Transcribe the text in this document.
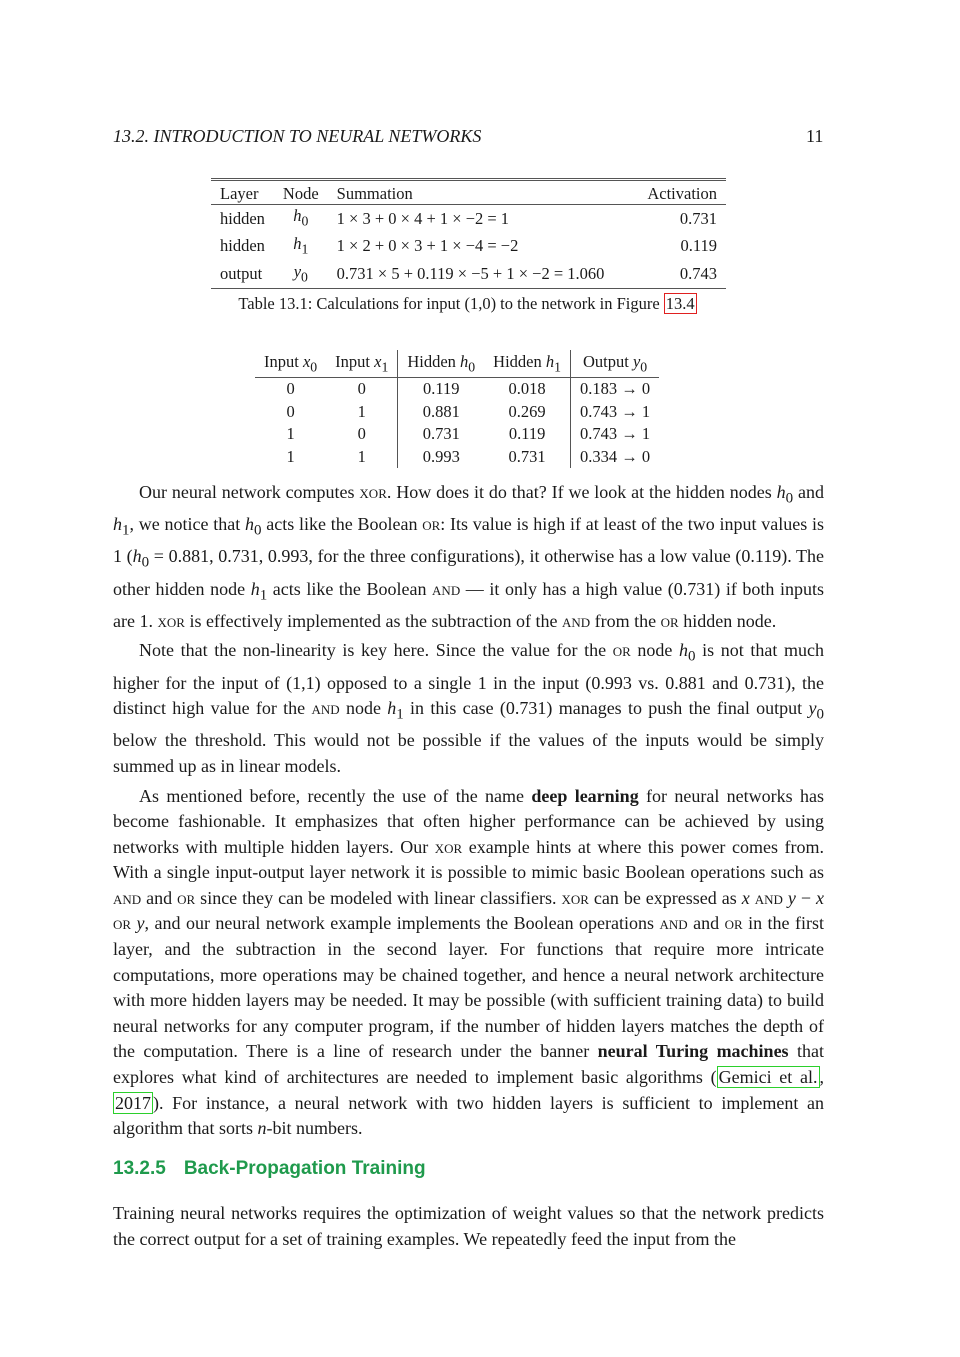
13.2. INTRODUCTION TO NEURAL NETWORKS	11
Layer	Node	Summation	Activation
hidden	$h_0$	1 × 3 + 0 × 4 + 1 × −2 = 1	0.731
hidden	$h_1$	1 × 2 + 0 × 3 + 1 × −4 = −2	0.119
output	$y_0$	0.731 × 5 + 0.119 × −5 + 1 × −2 = 1.060	0.743
Table 13.1: Calculations for input (1,0) to the network in Figure 13.4
Input $x_0$	Input $x_1$	Hidden $h_0$	Hidden $h_1$	Output $y_0$
0	0	0.119	0.018	0.183 → 0
0	1	0.881	0.269	0.743 → 1
1	0	0.731	0.119	0.743 → 1
1	1	0.993	0.731	0.334 → 0

Our neural network computes xor. How does it do that? If we look at the hidden nodes $h_0$ and $h_1$, we notice that $h_0$ acts like the Boolean or: Its value is high if at least of the two input values is 1 ($h_0 = 0.881$, 0.731, 0.993, for the three configurations), it otherwise has a low value (0.119). The other hidden node $h_1$ acts like the Boolean and — it only has a high value (0.731) if both inputs are 1. xor is effectively implemented as the subtraction of the and from the or hidden node.

Note that the non-linearity is key here. Since the value for the or node $h_0$ is not that much higher for the input of (1,1) opposed to a single 1 in the input (0.993 vs. 0.881 and 0.731), the distinct high value for the and node $h_1$ in this case (0.731) manages to push the final output $y_0$ below the threshold. This would not be possible if the values of the inputs would be simply summed up as in linear models.

As mentioned before, recently the use of the name deep learning for neural networks has become fashionable. It emphasizes that often higher performance can be achieved by using networks with multiple hidden layers. Our xor example hints at where this power comes from. With a single input-output layer network it is possible to mimic basic Boolean operations such as and and or since they can be modeled with linear classifiers. xor can be expressed as x and y − x or y, and our neural network example implements the Boolean operations and and or in the first layer, and the subtraction in the second layer. For functions that require more intricate computations, more operations may be chained together, and hence a neural network architecture with more hidden layers may be needed. It may be possible (with sufficient training data) to build neural networks for any computer program, if the number of hidden layers matches the depth of the computation. There is a line of research under the banner neural Turing machines that explores what kind of architectures are needed to implement basic algorithms ( Gemici et al. , 2017 ). For instance, a neural network with two hidden layers is sufficient to implement an algorithm that sorts n-bit numbers.

13.2.5 Back-Propagation Training

Training neural networks requires the optimization of weight values so that the network predicts the correct output for a set of training examples. We repeatedly feed the input from the
